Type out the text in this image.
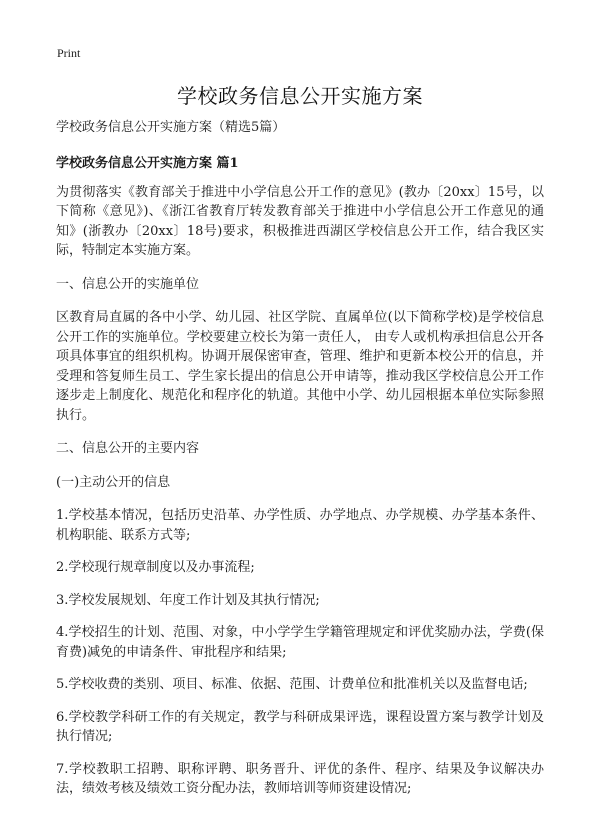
Print
学校政务信息公开实施方案

学校政务信息公开实施方案（精选5篇）

学校政务信息公开实施方案 篇1

为贯彻落实《教育部关于推进中小学信息公开工作的意见》(教办〔20xx〕15号，以下简称《意见》)、《浙江省教育厅转发教育部关于推进中小学信息公开工作意见的通知》(浙教办〔20xx〕18号)要求，积极推进西湖区学校信息公开工作，结合我区实际，特制定本实施方案。

一、信息公开的实施单位

区教育局直属的各中小学、幼儿园、社区学院、直属单位(以下简称学校)是学校信息公开工作的实施单位。学校要建立校长为第一责任人， 由专人或机构承担信息公开各项具体事宜的组织机构。协调开展保密审查，管理、维护和更新本校公开的信息，并受理和答复师生员工、学生家长提出的信息公开申请等，推动我区学校信息公开工作逐步走上制度化、规范化和程序化的轨道。其他中小学、幼儿园根据本单位实际参照执行。

二、信息公开的主要内容

(一)主动公开的信息

1.学校基本情况，包括历史沿革、办学性质、办学地点、办学规模、办学基本条件、机构职能、联系方式等;

2.学校现行规章制度以及办事流程;

3.学校发展规划、年度工作计划及其执行情况;

4.学校招生的计划、范围、对象，中小学学生学籍管理规定和评优奖励办法，学费(保育费)减免的申请条件、审批程序和结果;

5.学校收费的类别、项目、标准、依据、范围、计费单位和批准机关以及监督电话;

6.学校教学科研工作的有关规定，教学与科研成果评选，课程设置方案与教学计划及执行情况;

7.学校教职工招聘、职称评聘、职务晋升、评优的条件、程序、结果及争议解决办法，绩效考核及绩效工资分配办法，教师培训等师资建设情况;
